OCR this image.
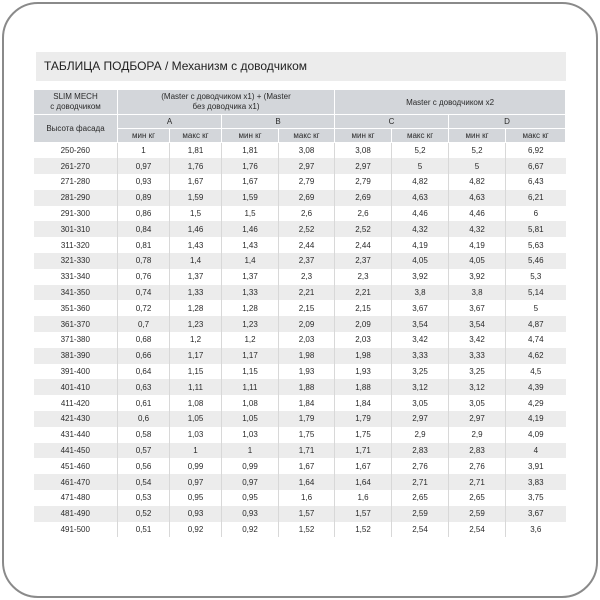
ТАБЛИЦА ПОДБОРА / Механизм с доводчиком
SLIM MECH
с доводчиком	(Master с доводчиком x1) + (Master
без доводчика x1)				Master с доводчиком x2			
Высота фасада	A		B		C		D	
	мин кг	макс кг	мин кг	макс кг	мин кг	макс кг	мин кг	макс кг
250-260	1	1,81	1,81	3,08	3,08	5,2	5,2	6,92
261-270	0,97	1,76	1,76	2,97	2,97	5	5	6,67
271-280	0,93	1,67	1,67	2,79	2,79	4,82	4,82	6,43
281-290	0,89	1,59	1,59	2,69	2,69	4,63	4,63	6,21
291-300	0,86	1,5	1,5	2,6	2,6	4,46	4,46	6
301-310	0,84	1,46	1,46	2,52	2,52	4,32	4,32	5,81
311-320	0,81	1,43	1,43	2,44	2,44	4,19	4,19	5,63
321-330	0,78	1,4	1,4	2,37	2,37	4,05	4,05	5,46
331-340	0,76	1,37	1,37	2,3	2,3	3,92	3,92	5,3
341-350	0,74	1,33	1,33	2,21	2,21	3,8	3,8	5,14
351-360	0,72	1,28	1,28	2,15	2,15	3,67	3,67	5
361-370	0,7	1,23	1,23	2,09	2,09	3,54	3,54	4,87
371-380	0,68	1,2	1,2	2,03	2,03	3,42	3,42	4,74
381-390	0,66	1,17	1,17	1,98	1,98	3,33	3,33	4,62
391-400	0,64	1,15	1,15	1,93	1,93	3,25	3,25	4,5
401-410	0,63	1,11	1,11	1,88	1,88	3,12	3,12	4,39
411-420	0,61	1,08	1,08	1,84	1,84	3,05	3,05	4,29
421-430	0,6	1,05	1,05	1,79	1,79	2,97	2,97	4,19
431-440	0,58	1,03	1,03	1,75	1,75	2,9	2,9	4,09
441-450	0,57	1	1	1,71	1,71	2,83	2,83	4
451-460	0,56	0,99	0,99	1,67	1,67	2,76	2,76	3,91
461-470	0,54	0,97	0,97	1,64	1,64	2,71	2,71	3,83
471-480	0,53	0,95	0,95	1,6	1,6	2,65	2,65	3,75
481-490	0,52	0,93	0,93	1,57	1,57	2,59	2,59	3,67
491-500	0,51	0,92	0,92	1,52	1,52	2,54	2,54	3,6
